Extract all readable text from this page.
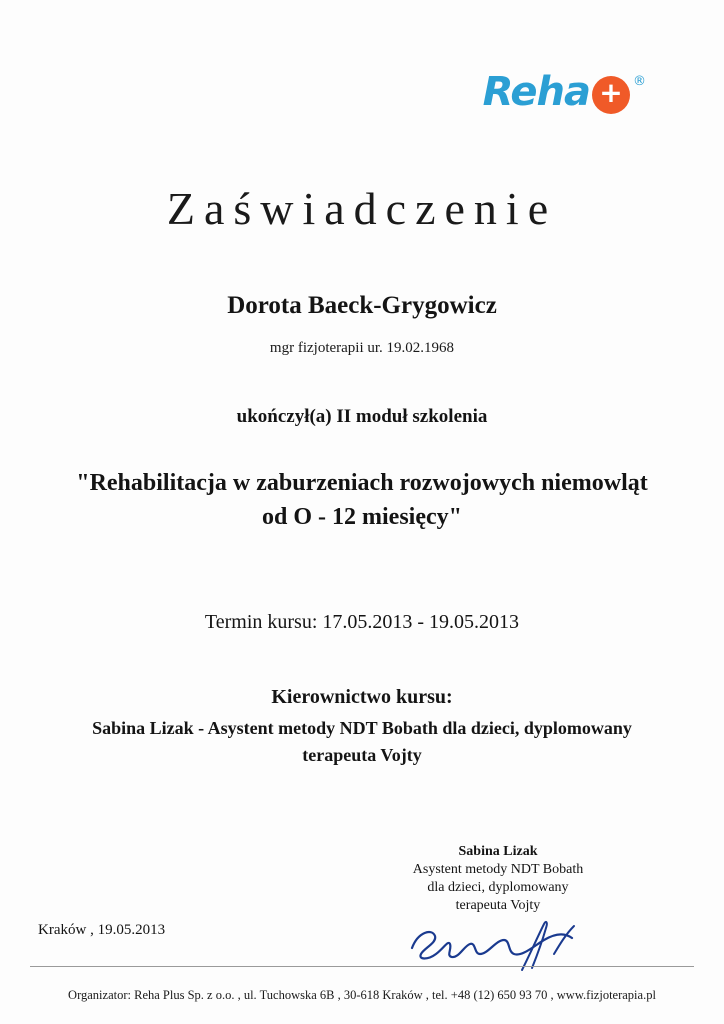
Reha + ®
Zaświadczenie
Dorota Baeck-Grygowicz
mgr fizjoterapii ur. 19.02.1968
ukończył(a) II moduł szkolenia
"Rehabilitacja w zaburzeniach rozwojowych niemowląt
od O - 12 miesięcy"
Termin kursu: 17.05.2013 - 19.05.2013
Kierownictwo kursu:
Sabina Lizak - Asystent metody NDT Bobath dla dzieci, dyplomowany
terapeuta Vojty
Sabina Lizak
Asystent metody NDT Bobath
dla dzieci, dyplomowany
terapeuta Vojty
Kraków , 19.05.2013
Organizator: Reha Plus Sp. z o.o. , ul. Tuchowska 6B , 30-618 Kraków , tel. +48 (12) 650 93 70 , www.fizjoterapia.pl
